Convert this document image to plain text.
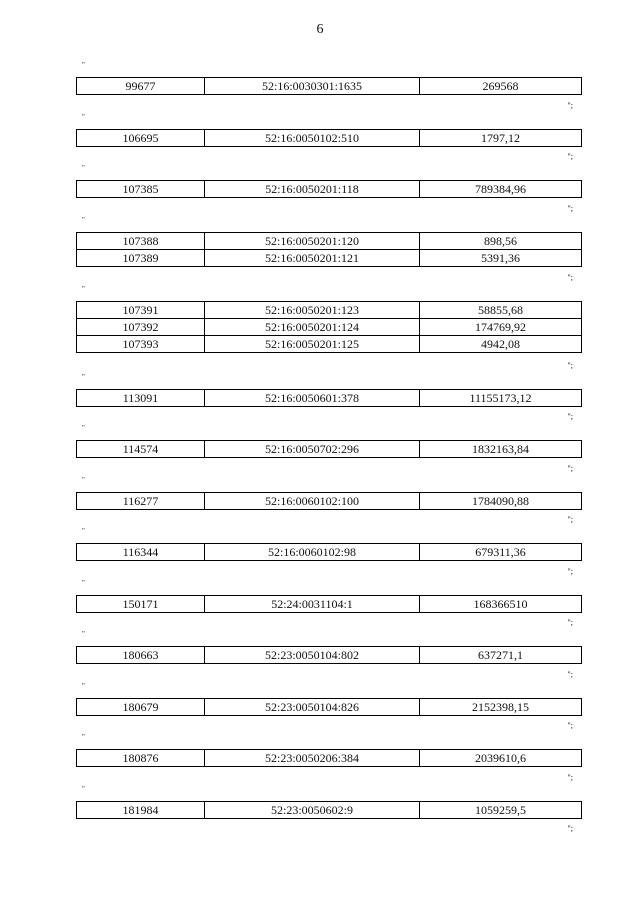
6
"
99677	52:16:0030301:1635	269568
";
"
106695	52:16:0050102:510	1797,12
";
"
107385	52:16:0050201:118	789384,96
";
"
107388	52:16:0050201:120	898,56
107389	52:16:0050201:121	5391,36
";
"
107391	52:16:0050201:123	58855,68
107392	52:16:0050201:124	174769,92
107393	52:16:0050201:125	4942,08
";
"
113091	52:16:0050601:378	11155173,12
";
"
114574	52:16:0050702:296	1832163,84
";
"
116277	52:16:0060102:100	1784090,88
";
"
116344	52:16:0060102:98	679311,36
";
"
150171	52:24:0031104:1	168366510
";
"
180663	52:23:0050104:802	637271,1
";
"
180679	52:23:0050104:826	2152398,15
";
"
180876	52:23:0050206:384	2039610,6
";
"
181984	52:23:0050602:9	1059259,5
";
